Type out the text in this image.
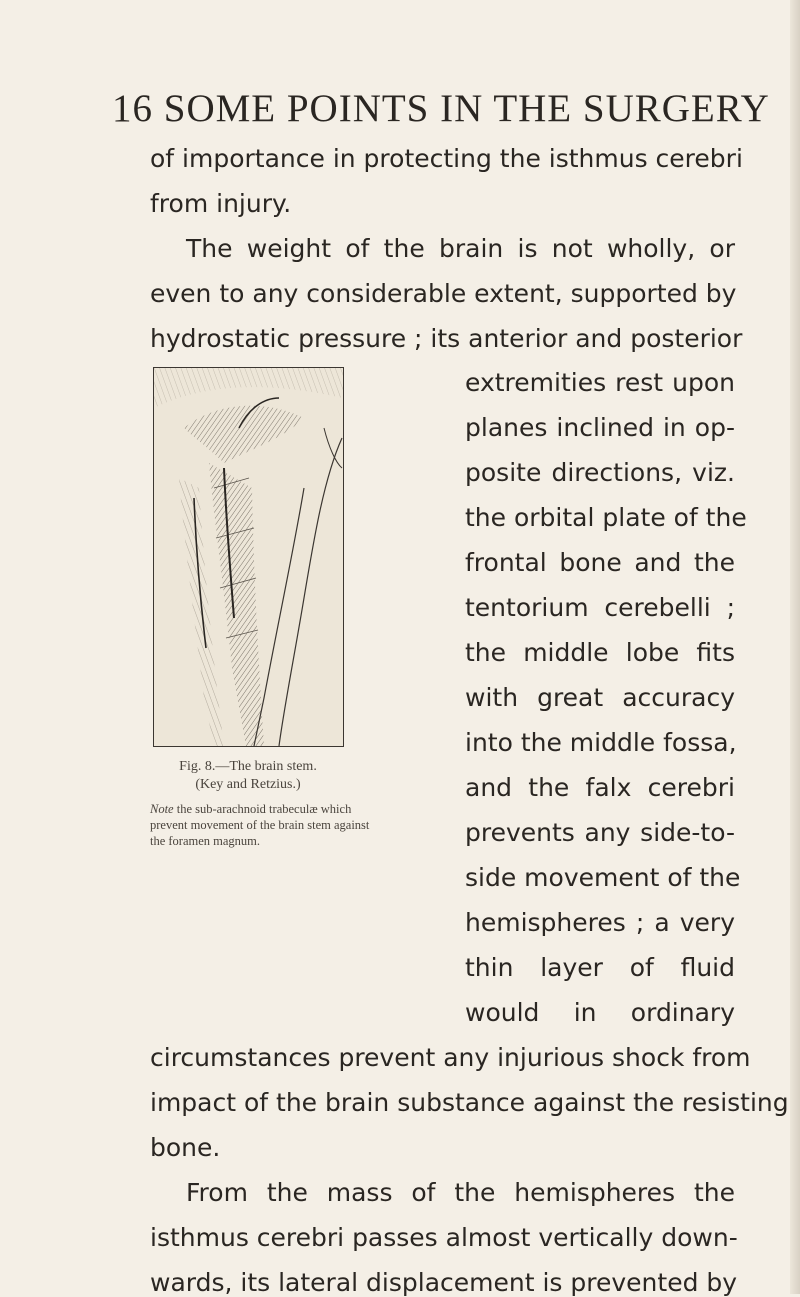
16 SOME POINTS IN THE SURGERY
of importance in protecting the isthmus cerebri
from injury.
The weight of the brain is not wholly, or
even to any considerable extent, supported by
hydrostatic pressure ; its anterior and posterior
extremities rest upon
planes inclined in op-
posite directions, viz.
the orbital plate of the
frontal bone and the
tentorium cerebelli ;
the middle lobe fits
with great accuracy
into the middle fossa,
and the falx cerebri
prevents any side-to-
side movement of the
hemispheres ; a very
thin layer of fluid
would in ordinary
circumstances prevent any injurious shock from
impact of the brain substance against the resisting
bone.
From the mass of the hemispheres the
isthmus cerebri passes almost vertically down-
wards, its lateral displacement is prevented by
Fig. 8.—The brain stem.
(Key and Retzius.)
Note the sub-arachnoid trabeculæ which
prevent movement of the brain stem against
the foramen magnum.
